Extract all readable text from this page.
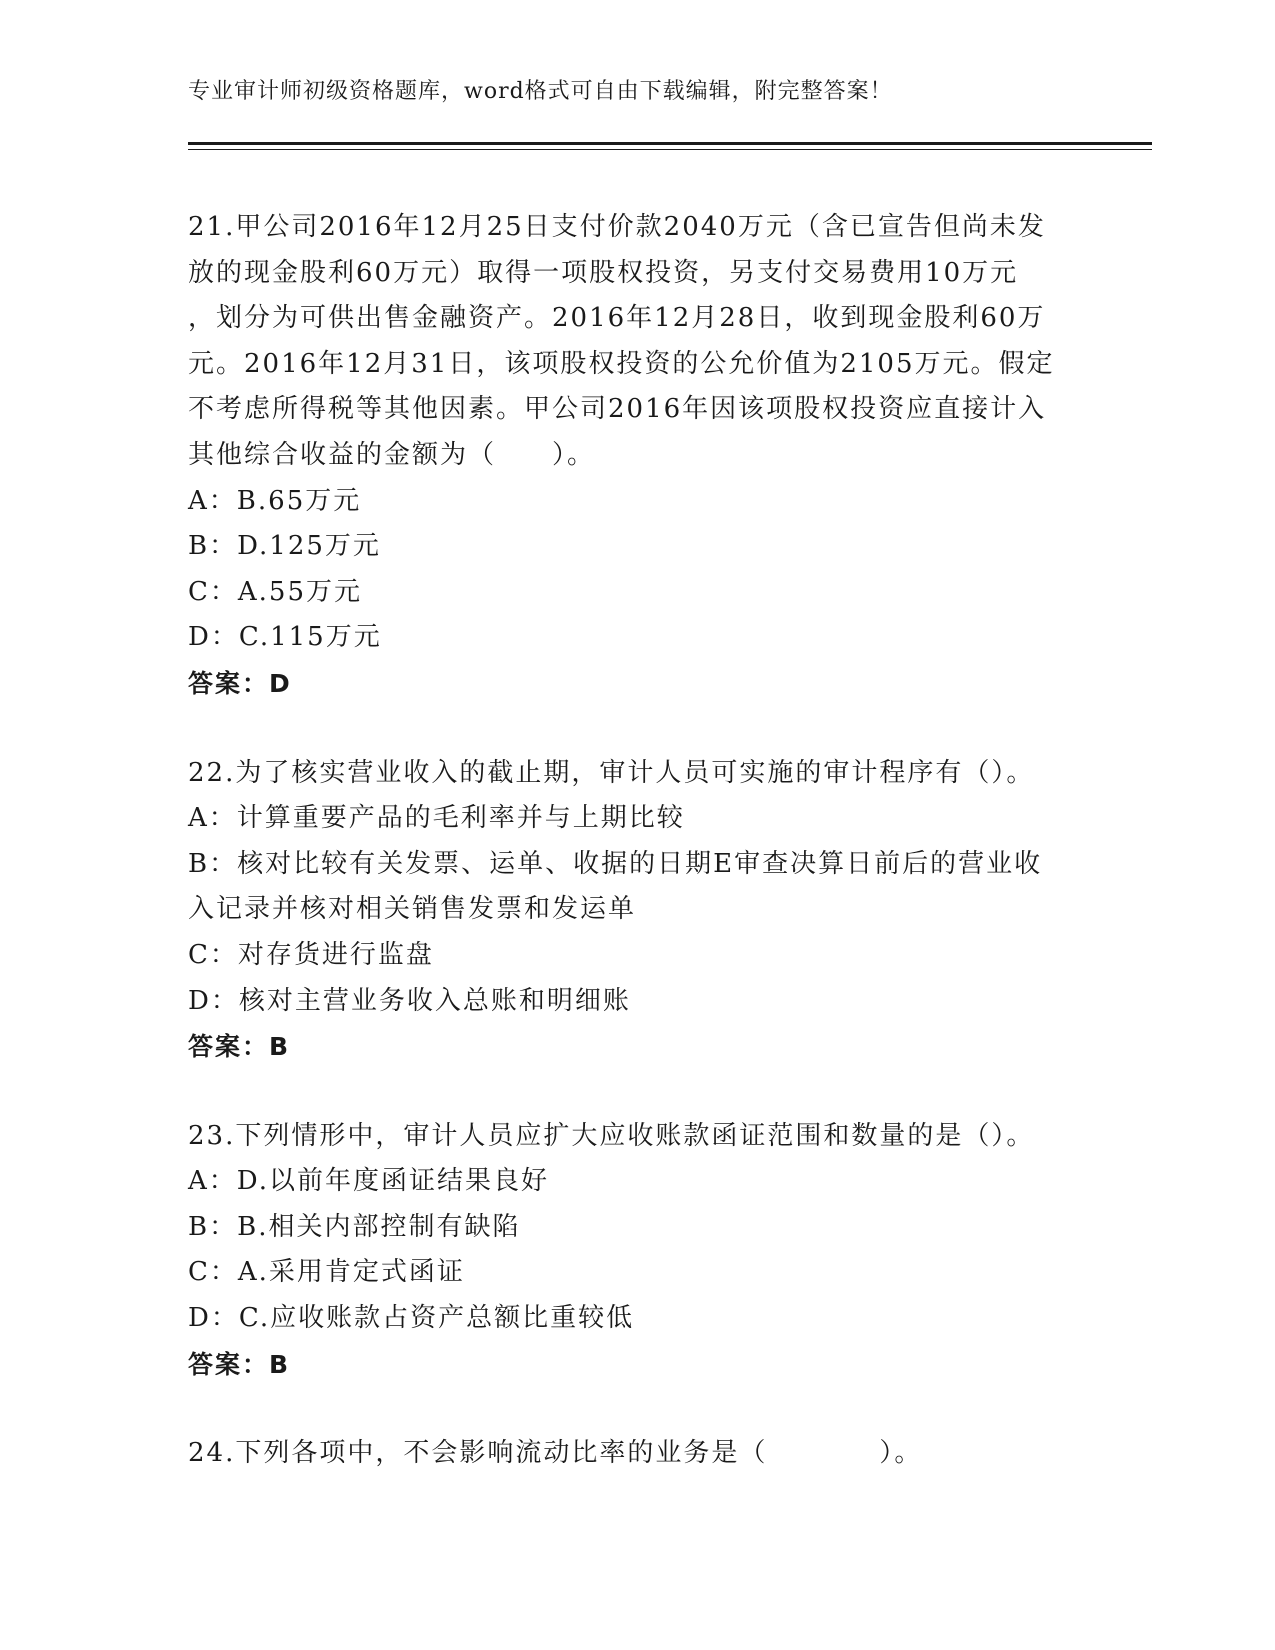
专业审计师初级资格题库，word格式可自由下载编辑，附完整答案！
21.甲公司2016年12月25日支付价款2040万元（含已宣告但尚未发
放的现金股利60万元）取得一项股权投资，另支付交易费用10万元
，划分为可供出售金融资产。2016年12月28日，收到现金股利60万
元。2016年12月31日，该项股权投资的公允价值为2105万元。假定
不考虑所得税等其他因素。甲公司2016年因该项股权投资应直接计入
其他综合收益的金额为（　　）。
A：B.65万元
B：D.125万元
C：A.55万元
D：C.115万元
答案：D
22.为了核实营业收入的截止期，审计人员可实施的审计程序有（）。
A：计算重要产品的毛利率并与上期比较
B：核对比较有关发票、运单、收据的日期E审查决算日前后的营业收
入记录并核对相关销售发票和发运单
C：对存货进行监盘
D：核对主营业务收入总账和明细账
答案：B
23.下列情形中，审计人员应扩大应收账款函证范围和数量的是（）。
A：D.以前年度函证结果良好
B：B.相关内部控制有缺陷
C：A.采用肯定式函证
D：C.应收账款占资产总额比重较低
答案：B
24.下列各项中，不会影响流动比率的业务是（　　　　）。
